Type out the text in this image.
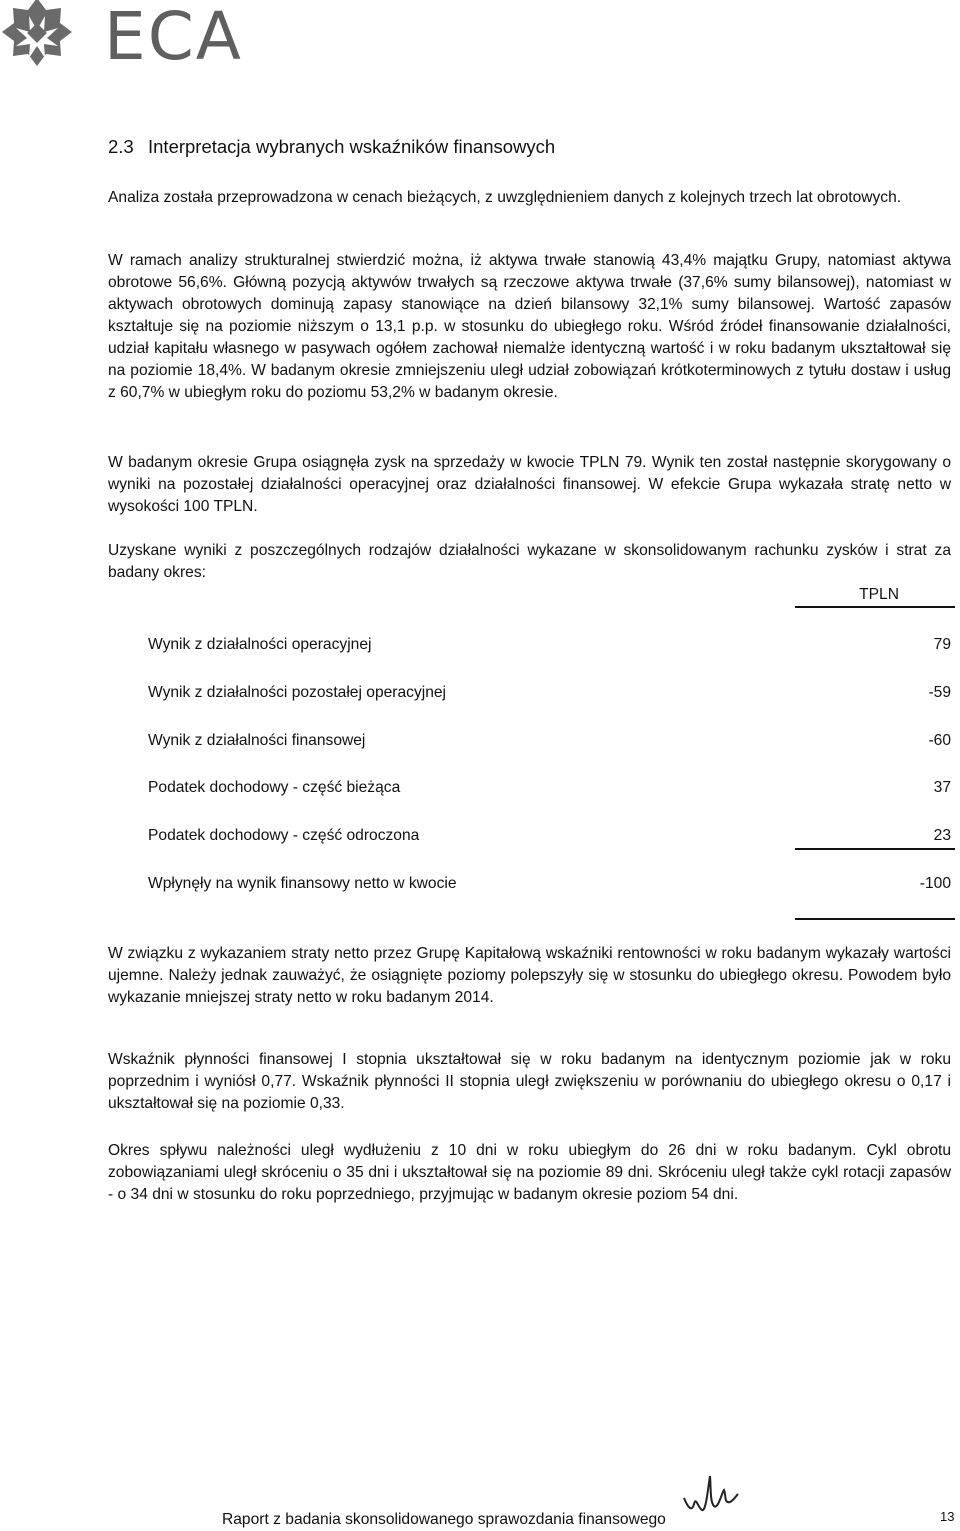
ECA
2.3 Interpretacja wybranych wskaźników finansowych

Analiza została przeprowadzona w cenach bieżących, z uwzględnieniem danych z kolejnych trzech lat obrotowych.

W ramach analizy strukturalnej stwierdzić można, iż aktywa trwałe stanowią 43,4% majątku Grupy, natomiast aktywa obrotowe 56,6%. Główną pozycją aktywów trwałych są rzeczowe aktywa trwałe (37,6% sumy bilansowej), natomiast w aktywach obrotowych dominują zapasy stanowiące na dzień bilansowy 32,1% sumy bilansowej. Wartość zapasów kształtuje się na poziomie niższym o 13,1 p.p. w stosunku do ubiegłego roku. Wśród źródeł finansowanie działalności, udział kapitału własnego w pasywach ogółem zachował niemalże identyczną wartość i w roku badanym ukształtował się na poziomie 18,4%. W badanym okresie zmniejszeniu uległ udział zobowiązań krótkoterminowych z tytułu dostaw i usług z 60,7% w ubiegłym roku do poziomu 53,2% w badanym okresie.

W badanym okresie Grupa osiągnęła zysk na sprzedaży w kwocie TPLN 79. Wynik ten został następnie skorygowany o wyniki na pozostałej działalności operacyjnej oraz działalności finansowej. W efekcie Grupa wykazała stratę netto w wysokości 100 TPLN.

Uzyskane wyniki z poszczególnych rodzajów działalności wykazane w skonsolidowanym rachunku zysków i strat za badany okres:

TPLN
Wynik z działalności operacyjnej	79
Wynik z działalności pozostałej operacyjnej	-59
Wynik z działalności finansowej	-60
Podatek dochodowy - część bieżąca	37
Podatek dochodowy - część odroczona	23
Wpłynęły na wynik finansowy netto w kwocie	-100

W związku z wykazaniem straty netto przez Grupę Kapitałową wskaźniki rentowności w roku badanym wykazały wartości ujemne. Należy jednak zauważyć, że osiągnięte poziomy polepszyły się w stosunku do ubiegłego okresu. Powodem było wykazanie mniejszej straty netto w roku badanym 2014.

Wskaźnik płynności finansowej I stopnia ukształtował się w roku badanym na identycznym poziomie jak w roku poprzednim i wyniósł 0,77. Wskaźnik płynności II stopnia uległ zwiększeniu w porównaniu do ubiegłego okresu o 0,17 i ukształtował się na poziomie 0,33.

Okres spływu należności uległ wydłużeniu z 10 dni w roku ubiegłym do 26 dni w roku badanym. Cykl obrotu zobowiązaniami uległ skróceniu o 35 dni i ukształtował się na poziomie 89 dni. Skróceniu uległ także cykl rotacji zapasów - o 34 dni w stosunku do roku poprzedniego, przyjmując w badanym okresie poziom 54 dni.

Raport z badania skonsolidowanego sprawozdania finansowego	13
